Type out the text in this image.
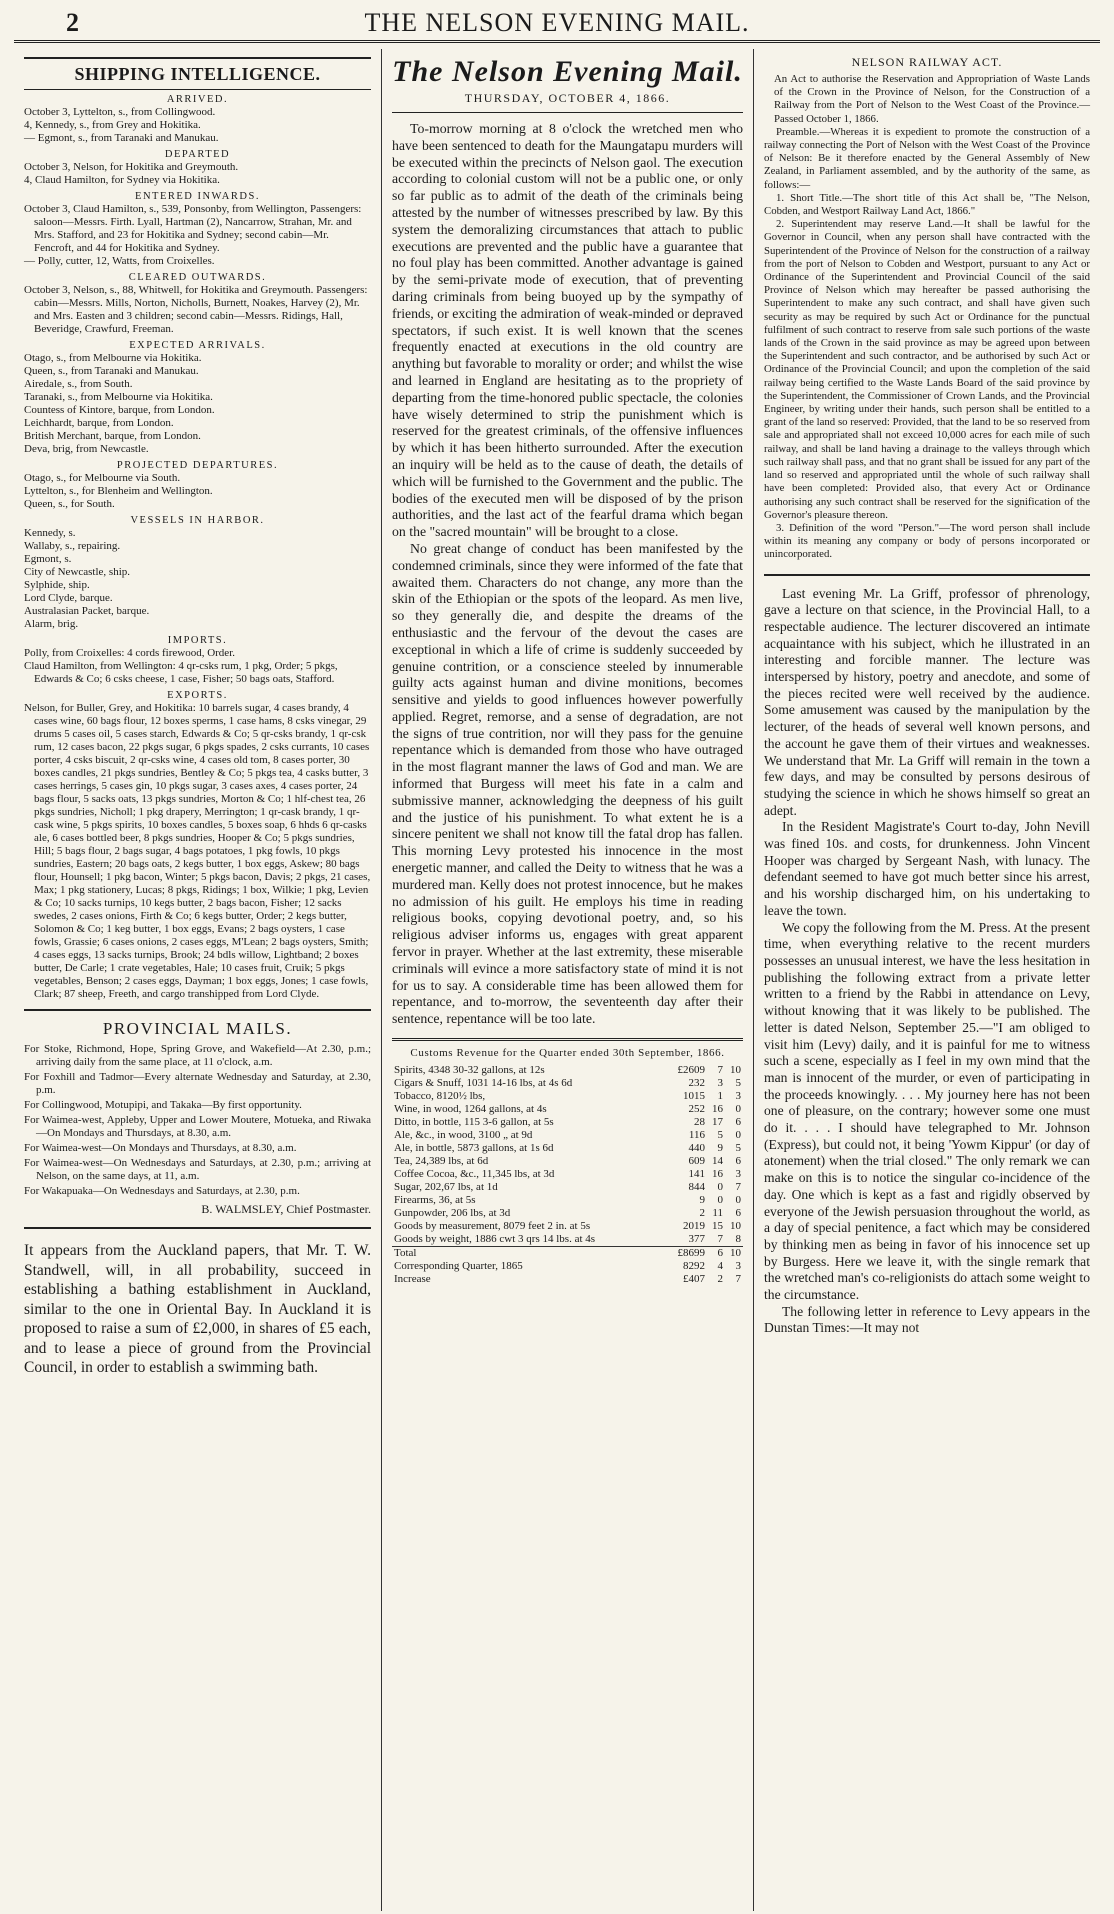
2	THE NELSON EVENING MAIL.
SHIPPING INTELLIGENCE.
ARRIVED.

October 3, Lyttelton, s., from Collingwood.

4, Kennedy, s., from Grey and Hokitika.

— Egmont, s., from Taranaki and Manukau.

DEPARTED

October 3, Nelson, for Hokitika and Greymouth.

4, Claud Hamilton, for Sydney via Hokitika.

ENTERED INWARDS.

October 3, Claud Hamilton, s., 539, Ponsonby, from Wellington, Passengers: saloon—Messrs. Firth. Lyall, Hartman (2), Nancarrow, Strahan, Mr. and Mrs. Stafford, and 23 for Hokitika and Sydney; second cabin—Mr. Fencroft, and 44 for Hokitika and Sydney.

— Polly, cutter, 12, Watts, from Croixelles.

CLEARED OUTWARDS.

October 3, Nelson, s., 88, Whitwell, for Hokitika and Greymouth. Passengers: cabin—Messrs. Mills, Norton, Nicholls, Burnett, Noakes, Harvey (2), Mr. and Mrs. Easten and 3 children; second cabin—Messrs. Ridings, Hall, Beveridge, Crawfurd, Freeman.

EXPECTED ARRIVALS.

Otago, s., from Melbourne via Hokitika.

Queen, s., from Taranaki and Manukau.

Airedale, s., from South.

Taranaki, s., from Melbourne via Hokitika.

Countess of Kintore, barque, from London.

Leichhardt, barque, from London.

British Merchant, barque, from London.

Deva, brig, from Newcastle.

PROJECTED DEPARTURES.

Otago, s., for Melbourne via South.

Lyttelton, s., for Blenheim and Wellington.

Queen, s., for South.

VESSELS IN HARBOR.

Kennedy, s.

Wallaby, s., repairing.

Egmont, s.

City of Newcastle, ship.

Sylphide, ship.

Lord Clyde, barque.

Australasian Packet, barque.

Alarm, brig.

IMPORTS.

Polly, from Croixelles: 4 cords firewood, Order.

Claud Hamilton, from Wellington: 4 qr-csks rum, 1 pkg, Order; 5 pkgs, Edwards & Co; 6 csks cheese, 1 case, Fisher; 50 bags oats, Stafford.

EXPORTS.

Nelson, for Buller, Grey, and Hokitika: 10 barrels sugar, 4 cases brandy, 4 cases wine, 60 bags flour, 12 boxes sperms, 1 case hams, 8 csks vinegar, 29 drums 5 cases oil, 5 cases starch, Edwards & Co; 5 qr-csks brandy, 1 qr-csk rum, 12 cases bacon, 22 pkgs sugar, 6 pkgs spades, 2 csks currants, 10 cases porter, 4 csks biscuit, 2 qr-csks wine, 4 cases old tom, 8 cases porter, 30 boxes candles, 21 pkgs sundries, Bentley & Co; 5 pkgs tea, 4 casks butter, 3 cases herrings, 5 cases gin, 10 pkgs sugar, 3 cases axes, 4 cases porter, 24 bags flour, 5 sacks oats, 13 pkgs sundries, Morton & Co; 1 hlf-chest tea, 26 pkgs sundries, Nicholl; 1 pkg drapery, Merrington; 1 qr-cask brandy, 1 qr-cask wine, 5 pkgs spirits, 10 boxes candles, 5 boxes soap, 6 hhds 6 qr-casks ale, 6 cases bottled beer, 8 pkgs sundries, Hooper & Co; 5 pkgs sundries, Hill; 5 bags flour, 2 bags sugar, 4 bags potatoes, 1 pkg fowls, 10 pkgs sundries, Eastern; 20 bags oats, 2 kegs butter, 1 box eggs, Askew; 80 bags flour, Hounsell; 1 pkg bacon, Winter; 5 pkgs bacon, Davis; 2 pkgs, 21 cases, Max; 1 pkg stationery, Lucas; 8 pkgs, Ridings; 1 box, Wilkie; 1 pkg, Levien & Co; 10 sacks turnips, 10 kegs butter, 2 bags bacon, Fisher; 12 sacks swedes, 2 cases onions, Firth & Co; 6 kegs butter, Order; 2 kegs butter, Solomon & Co; 1 keg butter, 1 box eggs, Evans; 2 bags oysters, 1 case fowls, Grassie; 6 cases onions, 2 cases eggs, M'Lean; 2 bags oysters, Smith; 4 cases eggs, 13 sacks turnips, Brook; 24 bdls willow, Lightband; 2 boxes butter, De Carle; 1 crate vegetables, Hale; 10 cases fruit, Cruik; 5 pkgs vegetables, Benson; 2 cases eggs, Dayman; 1 box eggs, Jones; 1 case fowls, Clark; 87 sheep, Freeth, and cargo transhipped from Lord Clyde.

PROVINCIAL MAILS.

For Stoke, Richmond, Hope, Spring Grove, and Wakefield—At 2.30, p.m.; arriving daily from the same place, at 11 o'clock, a.m.

For Foxhill and Tadmor—Every alternate Wednesday and Saturday, at 2.30, p.m.

For Collingwood, Motupipi, and Takaka—By first opportunity.

For Waimea-west, Appleby, Upper and Lower Moutere, Motueka, and Riwaka—On Mondays and Thursdays, at 8.30, a.m.

For Waimea-west—On Mondays and Thursdays, at 8.30, a.m.

For Waimea-west—On Wednesdays and Saturdays, at 2.30, p.m.; arriving at Nelson, on the same days, at 11, a.m.

For Wakapuaka—On Wednesdays and Saturdays, at 2.30, p.m.

B. WALMSLEY, Chief Postmaster.

It appears from the Auckland papers, that Mr. T. W. Standwell, will, in all probability, succeed in establishing a bathing establishment in Auckland, similar to the one in Oriental Bay. In Auckland it is proposed to raise a sum of £2,000, in shares of £5 each, and to lease a piece of ground from the Provincial Council, in order to establish a swimming bath.

The Nelson Evening Mail.
THURSDAY, OCTOBER 4, 1866.

To-morrow morning at 8 o'clock the wretched men who have been sentenced to death for the Maungatapu murders will be executed within the precincts of Nelson gaol. The execution according to colonial custom will not be a public one, or only so far public as to admit of the death of the criminals being attested by the number of witnesses prescribed by law. By this system the demoralizing circumstances that attach to public executions are prevented and the public have a guarantee that no foul play has been committed. Another advantage is gained by the semi-private mode of execution, that of preventing daring criminals from being buoyed up by the sympathy of friends, or exciting the admiration of weak-minded or depraved spectators, if such exist. It is well known that the scenes frequently enacted at executions in the old country are anything but favorable to morality or order; and whilst the wise and learned in England are hesitating as to the propriety of departing from the time-honored public spectacle, the colonies have wisely determined to strip the punishment which is reserved for the greatest criminals, of the offensive influences by which it has been hitherto surrounded. After the execution an inquiry will be held as to the cause of death, the details of which will be furnished to the Government and the public. The bodies of the executed men will be disposed of by the prison authorities, and the last act of the fearful drama which began on the "sacred mountain" will be brought to a close.

No great change of conduct has been manifested by the condemned criminals, since they were informed of the fate that awaited them. Characters do not change, any more than the skin of the Ethiopian or the spots of the leopard. As men live, so they generally die, and despite the dreams of the enthusiastic and the fervour of the devout the cases are exceptional in which a life of crime is suddenly succeeded by genuine contrition, or a conscience steeled by innumerable guilty acts against human and divine monitions, becomes sensitive and yields to good influences however powerfully applied. Regret, remorse, and a sense of degradation, are not the signs of true contrition, nor will they pass for the genuine repentance which is demanded from those who have outraged in the most flagrant manner the laws of God and man. We are informed that Burgess will meet his fate in a calm and submissive manner, acknowledging the deepness of his guilt and the justice of his punishment. To what extent he is a sincere penitent we shall not know till the fatal drop has fallen. This morning Levy protested his innocence in the most energetic manner, and called the Deity to witness that he was a murdered man. Kelly does not protest innocence, but he makes no admission of his guilt. He employs his time in reading religious books, copying devotional poetry, and, so his religious adviser informs us, engages with great apparent fervor in prayer. Whether at the last extremity, these miserable criminals will evince a more satisfactory state of mind it is not for us to say. A considerable time has been allowed them for repentance, and to-morrow, the seventeenth day after their sentence, repentance will be too late.

Customs Revenue for the Quarter ended 30th September, 1866.
Spirits, 4348 30-32 gallons, at 12s	£2609	7	10
Cigars & Snuff, 1031 14-16 lbs, at 4s 6d	232	3	5
Tobacco, 8120½ lbs,	1015	1	3
Wine, in wood, 1264 gallons, at 4s	252	16	0
Ditto, in bottle, 115 3-6 gallon, at 5s	28	17	6
Ale, &c., in wood, 3100 „ at 9d	116	5	0
Ale, in bottle, 5873 gallons, at 1s 6d	440	9	5
Tea, 24,389 lbs, at 6d	609	14	6
Coffee Cocoa, &c., 11,345 lbs, at 3d	141	16	3
Sugar, 202,67 lbs, at 1d	844	0	7
Firearms, 36, at 5s	9	0	0
Gunpowder, 206 lbs, at 3d	2	11	6
Goods by measurement, 8079 feet 2 in. at 5s	2019	15	10
Goods by weight, 1886 cwt 3 qrs 14 lbs. at 4s	377	7	8
Total	£8699	6	10
Corresponding Quarter, 1865	8292	4	3
Increase	£407	2	7
NELSON RAILWAY ACT.

An Act to authorise the Reservation and Appropriation of Waste Lands of the Crown in the Province of Nelson, for the Construction of a Railway from the Port of Nelson to the West Coast of the Province.—Passed October 1, 1866.

Preamble.—Whereas it is expedient to promote the construction of a railway connecting the Port of Nelson with the West Coast of the Province of Nelson: Be it therefore enacted by the General Assembly of New Zealand, in Parliament assembled, and by the authority of the same, as follows:—

1. Short Title.—The short title of this Act shall be, "The Nelson, Cobden, and Westport Railway Land Act, 1866."

2. Superintendent may reserve Land.—It shall be lawful for the Governor in Council, when any person shall have contracted with the Superintendent of the Province of Nelson for the construction of a railway from the port of Nelson to Cobden and Westport, pursuant to any Act or Ordinance of the Superintendent and Provincial Council of the said Province of Nelson which may hereafter be passed authorising the Superintendent to make any such contract, and shall have given such security as may be required by such Act or Ordinance for the punctual fulfilment of such contract to reserve from sale such portions of the waste lands of the Crown in the said province as may be agreed upon between the Superintendent and such contractor, and be authorised by such Act or Ordinance of the Provincial Council; and upon the completion of the said railway being certified to the Waste Lands Board of the said province by the Superintendent, the Commissioner of Crown Lands, and the Provincial Engineer, by writing under their hands, such person shall be entitled to a grant of the land so reserved: Provided, that the land to be so reserved from sale and appropriated shall not exceed 10,000 acres for each mile of such railway, and shall be land having a drainage to the valleys through which such railway shall pass, and that no grant shall be issued for any part of the land so reserved and appropriated until the whole of such railway shall have been completed: Provided also, that every Act or Ordinance authorising any such contract shall be reserved for the signification of the Governor's pleasure thereon.

3. Definition of the word "Person."—The word person shall include within its meaning any company or body of persons incorporated or unincorporated.

Last evening Mr. La Griff, professor of phrenology, gave a lecture on that science, in the Provincial Hall, to a respectable audience. The lecturer discovered an intimate acquaintance with his subject, which he illustrated in an interesting and forcible manner. The lecture was interspersed by history, poetry and anecdote, and some of the pieces recited were well received by the audience. Some amusement was caused by the manipulation by the lecturer, of the heads of several well known persons, and the account he gave them of their virtues and weaknesses. We understand that Mr. La Griff will remain in the town a few days, and may be consulted by persons desirous of studying the science in which he shows himself so great an adept.

In the Resident Magistrate's Court to-day, John Nevill was fined 10s. and costs, for drunkenness. John Vincent Hooper was charged by Sergeant Nash, with lunacy. The defendant seemed to have got much better since his arrest, and his worship discharged him, on his undertaking to leave the town.

We copy the following from the M. Press. At the present time, when everything relative to the recent murders possesses an unusual interest, we have the less hesitation in publishing the following extract from a private letter written to a friend by the Rabbi in attendance on Levy, without knowing that it was likely to be published. The letter is dated Nelson, September 25.—"I am obliged to visit him (Levy) daily, and it is painful for me to witness such a scene, especially as I feel in my own mind that the man is innocent of the murder, or even of participating in the proceeds knowingly. . . . My journey here has not been one of pleasure, on the contrary; however some one must do it. . . . I should have telegraphed to Mr. Johnson (Express), but could not, it being 'Yowm Kippur' (or day of atonement) when the trial closed." The only remark we can make on this is to notice the singular co-incidence of the day. One which is kept as a fast and rigidly observed by everyone of the Jewish persuasion throughout the world, as a day of special penitence, a fact which may be considered by thinking men as being in favor of his innocence set up by Burgess. Here we leave it, with the single remark that the wretched man's co-religionists do attach some weight to the circumstance.

The following letter in reference to Levy appears in the Dunstan Times:—It may not
